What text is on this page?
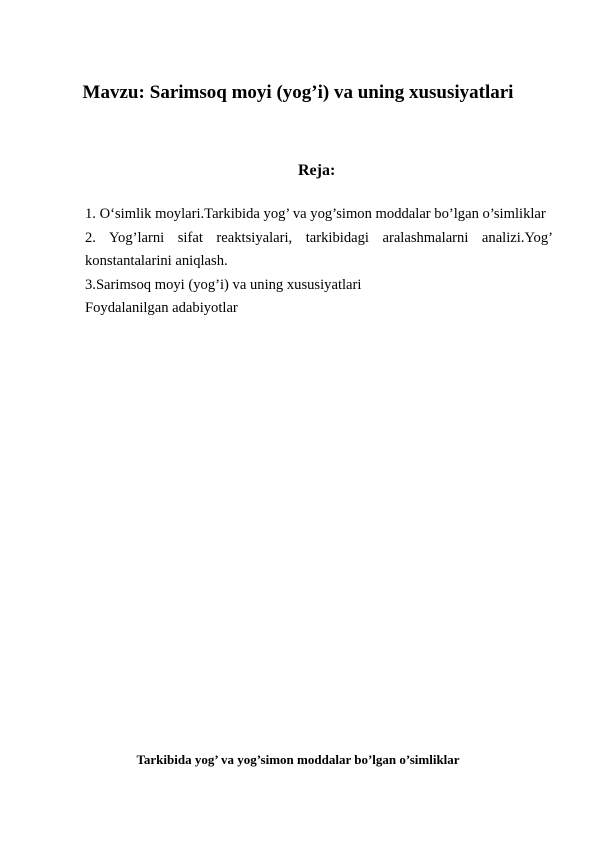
Mavzu: Sarimsoq moyi (yog’i) va uning xususiyatlari
Reja:

1. O‘simlik moylari.Tarkibida yog’ va yog’simon moddalar bo’lgan o’simliklar

2. Yog’larni sifat reaktsiyalari, tarkibidagi aralashmalarni analizi.Yog’ konstantalarini aniqlash.

3.Sarimsoq moyi (yog’i) va uning xususiyatlari

Foydalanilgan adabiyotlar

Tarkibida yog’ va yog’simon moddalar bo’lgan o’simliklar
